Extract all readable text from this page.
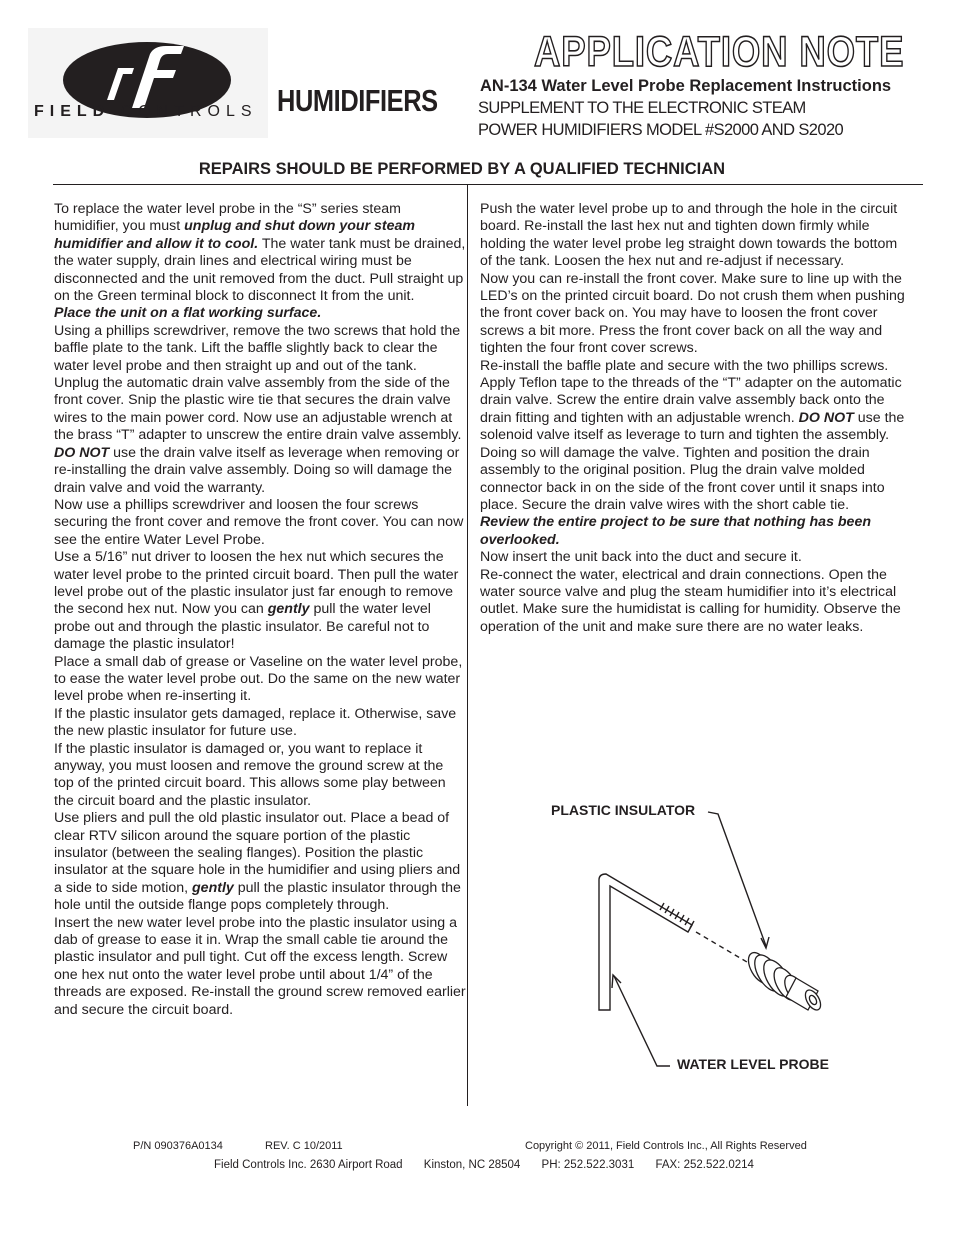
FIELD CONTROLS HUMIDIFIERS
APPLICATION NOTE
AN-134 Water Level Probe Replacement Instructions
SUPPLEMENT TO THE ELECTRONIC STEAM
POWER HUMIDIFIERS MODEL #S2000 AND S2020
REPAIRS SHOULD BE PERFORMED BY A QUALIFIED TECHNICIAN

To replace the water level probe in the “S” series steam humidifier, you must unplug and shut down your steam humidifier and allow it to cool. The water tank must be drained, the water supply, drain lines and electrical wiring must be disconnected and the unit removed from the duct. Pull straight up on the Green terminal block to disconnect It from the unit.

Place the unit on a flat working surface.

Using a phillips screwdriver, remove the two screws that hold the baffle plate to the tank. Lift the baffle slightly back to clear the water level probe and then straight up and out of the tank.

Unplug the automatic drain valve assembly from the side of the front cover. Snip the plastic wire tie that secures the drain valve wires to the main power cord. Now use an adjustable wrench at the brass “T” adapter to unscrew the entire drain valve assembly. DO NOT use the drain valve itself as leverage when removing or re-installing the drain valve assembly. Doing so will damage the drain valve and void the warranty.

Now use a phillips screwdriver and loosen the four screws securing the front cover and remove the front cover. You can now see the entire Water Level Probe.

Use a 5/16” nut driver to loosen the hex nut which secures the water level probe to the printed circuit board. Then pull the water level probe out of the plastic insulator just far enough to remove the second hex nut. Now you can gently pull the water level probe out and through the plastic insulator. Be careful not to damage the plastic insulator!

Place a small dab of grease or Vaseline on the water level probe, to ease the water level probe out. Do the same on the new water level probe when re-inserting it.

If the plastic insulator gets damaged, replace it. Otherwise, save the new plastic insulator for future use.

If the plastic insulator is damaged or, you want to replace it anyway, you must loosen and remove the ground screw at the top of the printed circuit board. This allows some play between the circuit board and the plastic insulator.

Use pliers and pull the old plastic insulator out. Place a bead of clear RTV silicon around the square portion of the plastic insulator (between the sealing flanges). Position the plastic insulator at the square hole in the humidifier and using pliers and a side to side motion, gently pull the plastic insulator through the hole until the outside flange pops completely through.

Insert the new water level probe into the plastic insulator using a dab of grease to ease it in. Wrap the small cable tie around the plastic insulator and pull tight. Cut off the excess length. Screw one hex nut onto the water level probe until about 1/4” of the threads are exposed. Re-install the ground screw removed earlier and secure the circuit board.

Push the water level probe up to and through the hole in the circuit board. Re-install the last hex nut and tighten down firmly while holding the water level probe leg straight down towards the bottom of the tank. Loosen the hex nut and re-adjust if necessary.

Now you can re-install the front cover. Make sure to line up with the LED’s on the printed circuit board. Do not crush them when pushing the front cover back on. You may have to loosen the front cover screws a bit more. Press the front cover back on all the way and tighten the four front cover screws.

Re-install the baffle plate and secure with the two phillips screws.

Apply Teflon tape to the threads of the “T” adapter on the automatic drain valve. Screw the entire drain valve assembly back onto the drain fitting and tighten with an adjustable wrench. DO NOT use the solenoid valve itself as leverage to turn and tighten the assembly. Doing so will damage the valve. Tighten and position the drain assembly to the original position. Plug the drain valve molded connector back in on the side of the front cover until it snaps into place. Secure the drain valve wires with the short cable tie.

Review the entire project to be sure that nothing has been overlooked.

Now insert the unit back into the duct and secure it.

Re-connect the water, electrical and drain connections. Open the water source valve and plug the steam humidifier into it’s electrical outlet. Make sure the humidistat is calling for humidity. Observe the operation of the unit and make sure there are no water leaks.

PLASTIC INSULATOR
WATER LEVEL PROBE
P/N 090376A0134	REV. C 10/2011	Copyright © 2011, Field Controls Inc., All Rights Reserved
Field Controls Inc. 2630 Airport Road Kinston, NC 28504 PH: 252.522.3031 FAX: 252.522.0214
